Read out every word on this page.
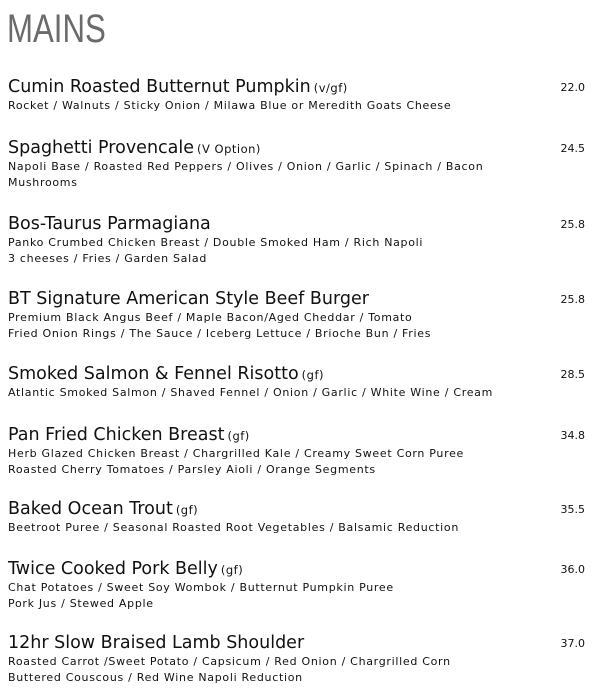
MAINS
Cumin Roasted Butternut Pumpkin (v/gf)	22.0
Rocket / Walnuts / Sticky Onion / Milawa Blue or Meredith Goats Cheese
Spaghetti Provencale (V Option)	24.5
Napoli Base / Roasted Red Peppers / Olives / Onion / Garlic / Spinach / Bacon
Mushrooms
Bos-Taurus Parmagiana	25.8
Panko Crumbed Chicken Breast / Double Smoked Ham / Rich Napoli
3 cheeses / Fries / Garden Salad
BT Signature American Style Beef Burger	25.8
Premium Black Angus Beef / Maple Bacon/Aged Cheddar / Tomato
Fried Onion Rings / The Sauce / Iceberg Lettuce / Brioche Bun / Fries
Smoked Salmon & Fennel Risotto (gf)	28.5
Atlantic Smoked Salmon / Shaved Fennel / Onion / Garlic / White Wine / Cream
Pan Fried Chicken Breast (gf)	34.8
Herb Glazed Chicken Breast / Chargrilled Kale / Creamy Sweet Corn Puree
Roasted Cherry Tomatoes / Parsley Aioli / Orange Segments
Baked Ocean Trout (gf)	35.5
Beetroot Puree / Seasonal Roasted Root Vegetables / Balsamic Reduction
Twice Cooked Pork Belly (gf)	36.0
Chat Potatoes / Sweet Soy Wombok / Butternut Pumpkin Puree
Pork Jus / Stewed Apple
12hr Slow Braised Lamb Shoulder	37.0
Roasted Carrot /Sweet Potato / Capsicum / Red Onion / Chargrilled Corn
Buttered Couscous / Red Wine Napoli Reduction
